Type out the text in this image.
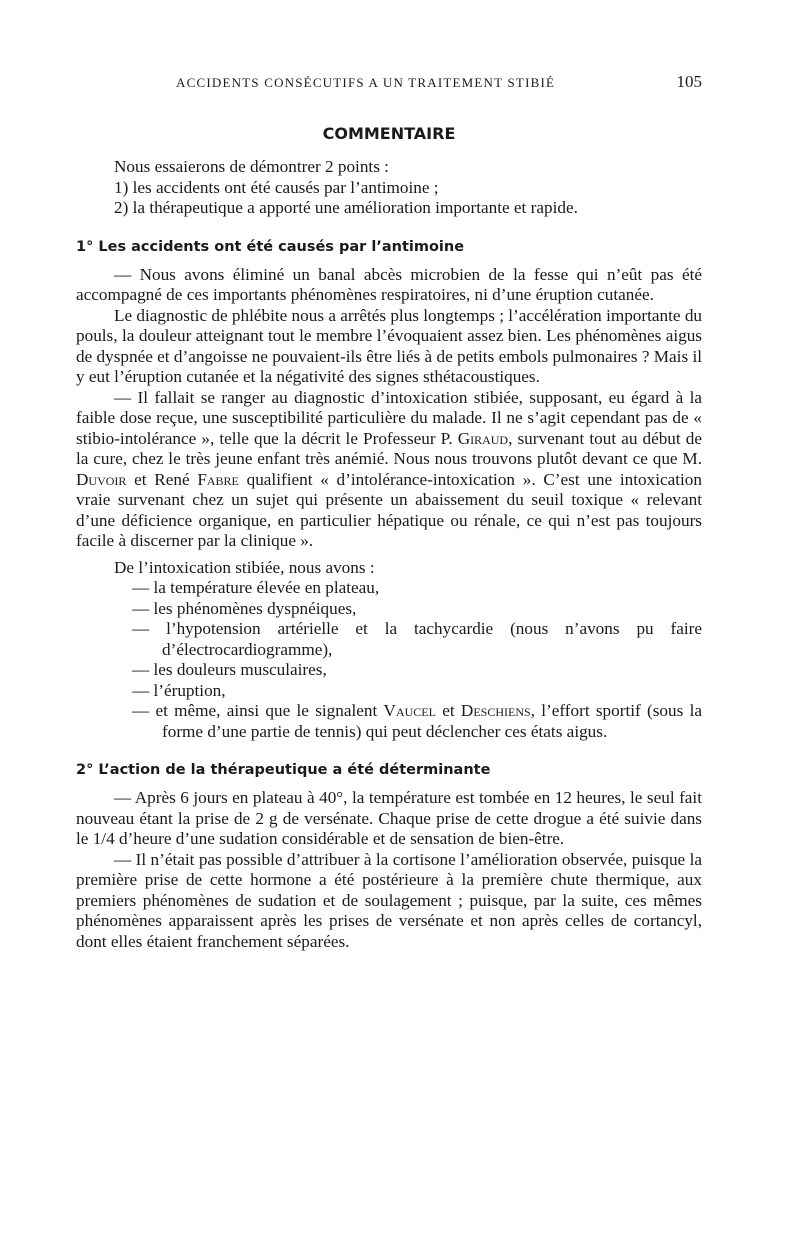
ACCIDENTS CONSÉCUTIFS A UN TRAITEMENT STIBIÉ	105
COMMENTAIRE

Nous essaierons de démontrer 2 points :

1) les accidents ont été causés par l’antimoine ;

2) la thérapeutique a apporté une amélioration importante et rapide.

1° Les accidents ont été causés par l’antimoine

— Nous avons éliminé un banal abcès microbien de la fesse qui n’eût pas été accompagné de ces importants phénomènes respiratoires, ni d’une éruption cutanée.

Le diagnostic de phlébite nous a arrêtés plus longtemps ; l’accélération importante du pouls, la douleur atteignant tout le membre l’évoquaient assez bien. Les phénomènes aigus de dyspnée et d’angoisse ne pouvaient-ils être liés à de petits embols pulmonaires ? Mais il y eut l’éruption cutanée et la négativité des signes sthétacoustiques.

— Il fallait se ranger au diagnostic d’intoxication stibiée, supposant, eu égard à la faible dose reçue, une susceptibilité particulière du malade. Il ne s’agit cependant pas de « stibio-intolérance », telle que la décrit le Professeur P. Giraud, survenant tout au début de la cure, chez le très jeune enfant très anémié. Nous nous trouvons plutôt devant ce que M. Duvoir et René Fabre qualifient « d’intolérance-intoxication ». C’est une intoxication vraie survenant chez un sujet qui présente un abaissement du seuil toxique « relevant d’une déficience organique, en particulier hépatique ou rénale, ce qui n’est pas toujours facile à discerner par la clinique ».

De l’intoxication stibiée, nous avons :

— la température élevée en plateau,

— les phénomènes dyspnéiques,

— l’hypotension artérielle et la tachycardie (nous n’avons pu faire d’électrocardiogramme),

— les douleurs musculaires,

— l’éruption,

— et même, ainsi que le signalent Vaucel et Deschiens, l’effort sportif (sous la forme d’une partie de tennis) qui peut déclencher ces états aigus.

2° L’action de la thérapeutique a été déterminante

— Après 6 jours en plateau à 40°, la température est tombée en 12 heures, le seul fait nouveau étant la prise de 2 g de versénate. Chaque prise de cette drogue a été suivie dans le 1/4 d’heure d’une sudation considérable et de sensation de bien-être.

— Il n’était pas possible d’attribuer à la cortisone l’amélioration observée, puisque la première prise de cette hormone a été postérieure à la première chute thermique, aux premiers phénomènes de sudation et de soulagement ; puisque, par la suite, ces mêmes phénomènes apparaissent après les prises de versénate et non après celles de cortancyl, dont elles étaient franchement séparées.
